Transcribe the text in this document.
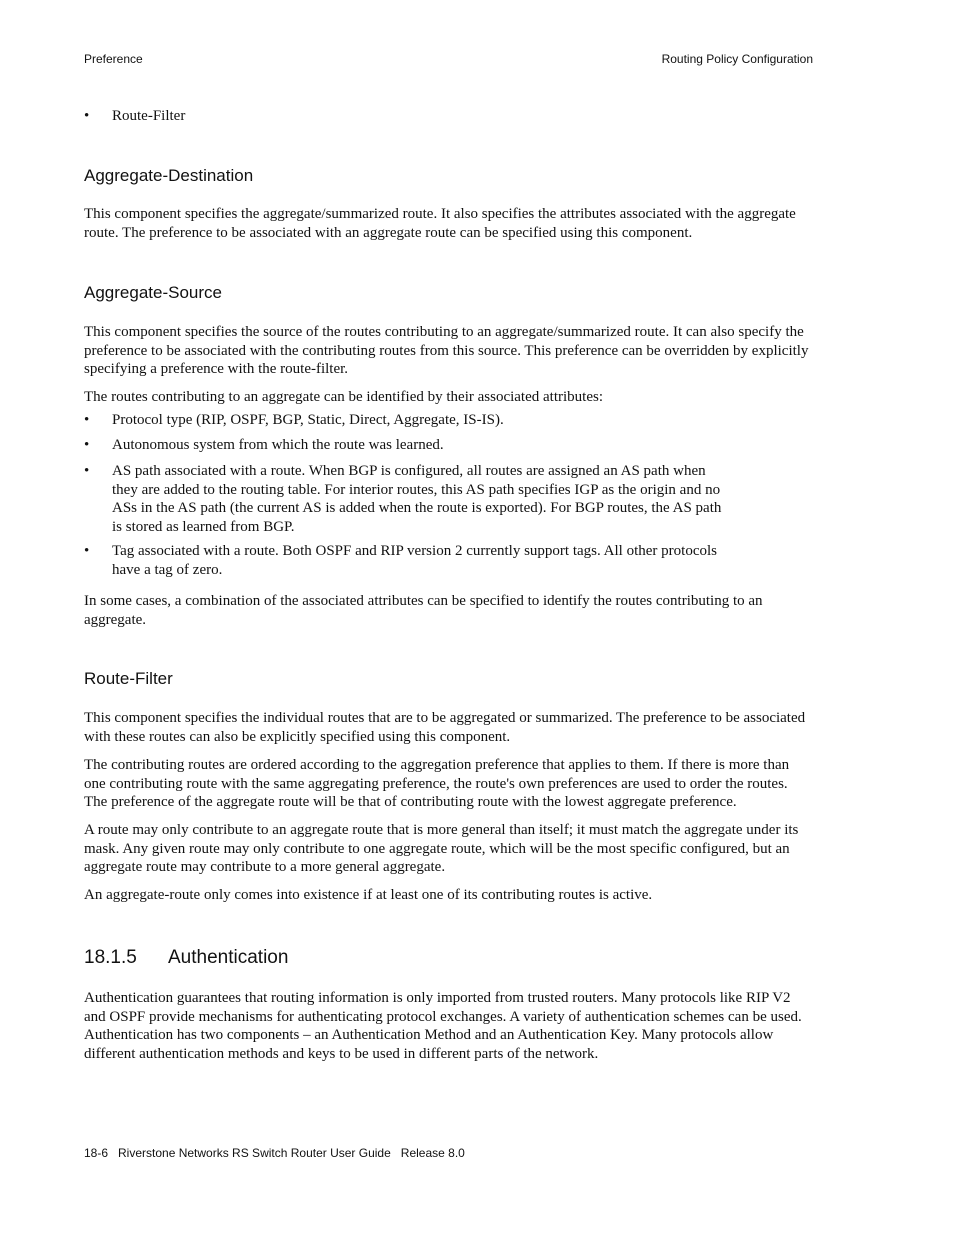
Preference	Routing Policy Configuration
• Route-Filter
Aggregate-Destination

This component specifies the aggregate/summarized route. It also specifies the attributes associated with the aggregate route. The preference to be associated with an aggregate route can be specified using this component.

Aggregate-Source

This component specifies the source of the routes contributing to an aggregate/summarized route. It can also specify the preference to be associated with the contributing routes from this source. This preference can be overridden by explicitly specifying a preference with the route-filter.

The routes contributing to an aggregate can be identified by their associated attributes:

• Protocol type (RIP, OSPF, BGP, Static, Direct, Aggregate, IS-IS).
• Autonomous system from which the route was learned.
• AS path associated with a route. When BGP is configured, all routes are assigned an AS path when they are added to the routing table. For interior routes, this AS path specifies IGP as the origin and no ASs in the AS path (the current AS is added when the route is exported). For BGP routes, the AS path is stored as learned from BGP.
• Tag associated with a route. Both OSPF and RIP version 2 currently support tags. All other protocols have a tag of zero.

In some cases, a combination of the associated attributes can be specified to identify the routes contributing to an aggregate.

Route-Filter

This component specifies the individual routes that are to be aggregated or summarized. The preference to be associated with these routes can also be explicitly specified using this component.

The contributing routes are ordered according to the aggregation preference that applies to them. If there is more than one contributing route with the same aggregating preference, the route's own preferences are used to order the routes. The preference of the aggregate route will be that of contributing route with the lowest aggregate preference.

A route may only contribute to an aggregate route that is more general than itself; it must match the aggregate under its mask. Any given route may only contribute to one aggregate route, which will be the most specific configured, but an aggregate route may contribute to a more general aggregate.

An aggregate-route only comes into existence if at least one of its contributing routes is active.

18.1.5 Authentication

Authentication guarantees that routing information is only imported from trusted routers. Many protocols like RIP V2 and OSPF provide mechanisms for authenticating protocol exchanges. A variety of authentication schemes can be used. Authentication has two components – an Authentication Method and an Authentication Key. Many protocols allow different authentication methods and keys to be used in different parts of the network.

18-6   Riverstone Networks RS Switch Router User Guide   Release 8.0
